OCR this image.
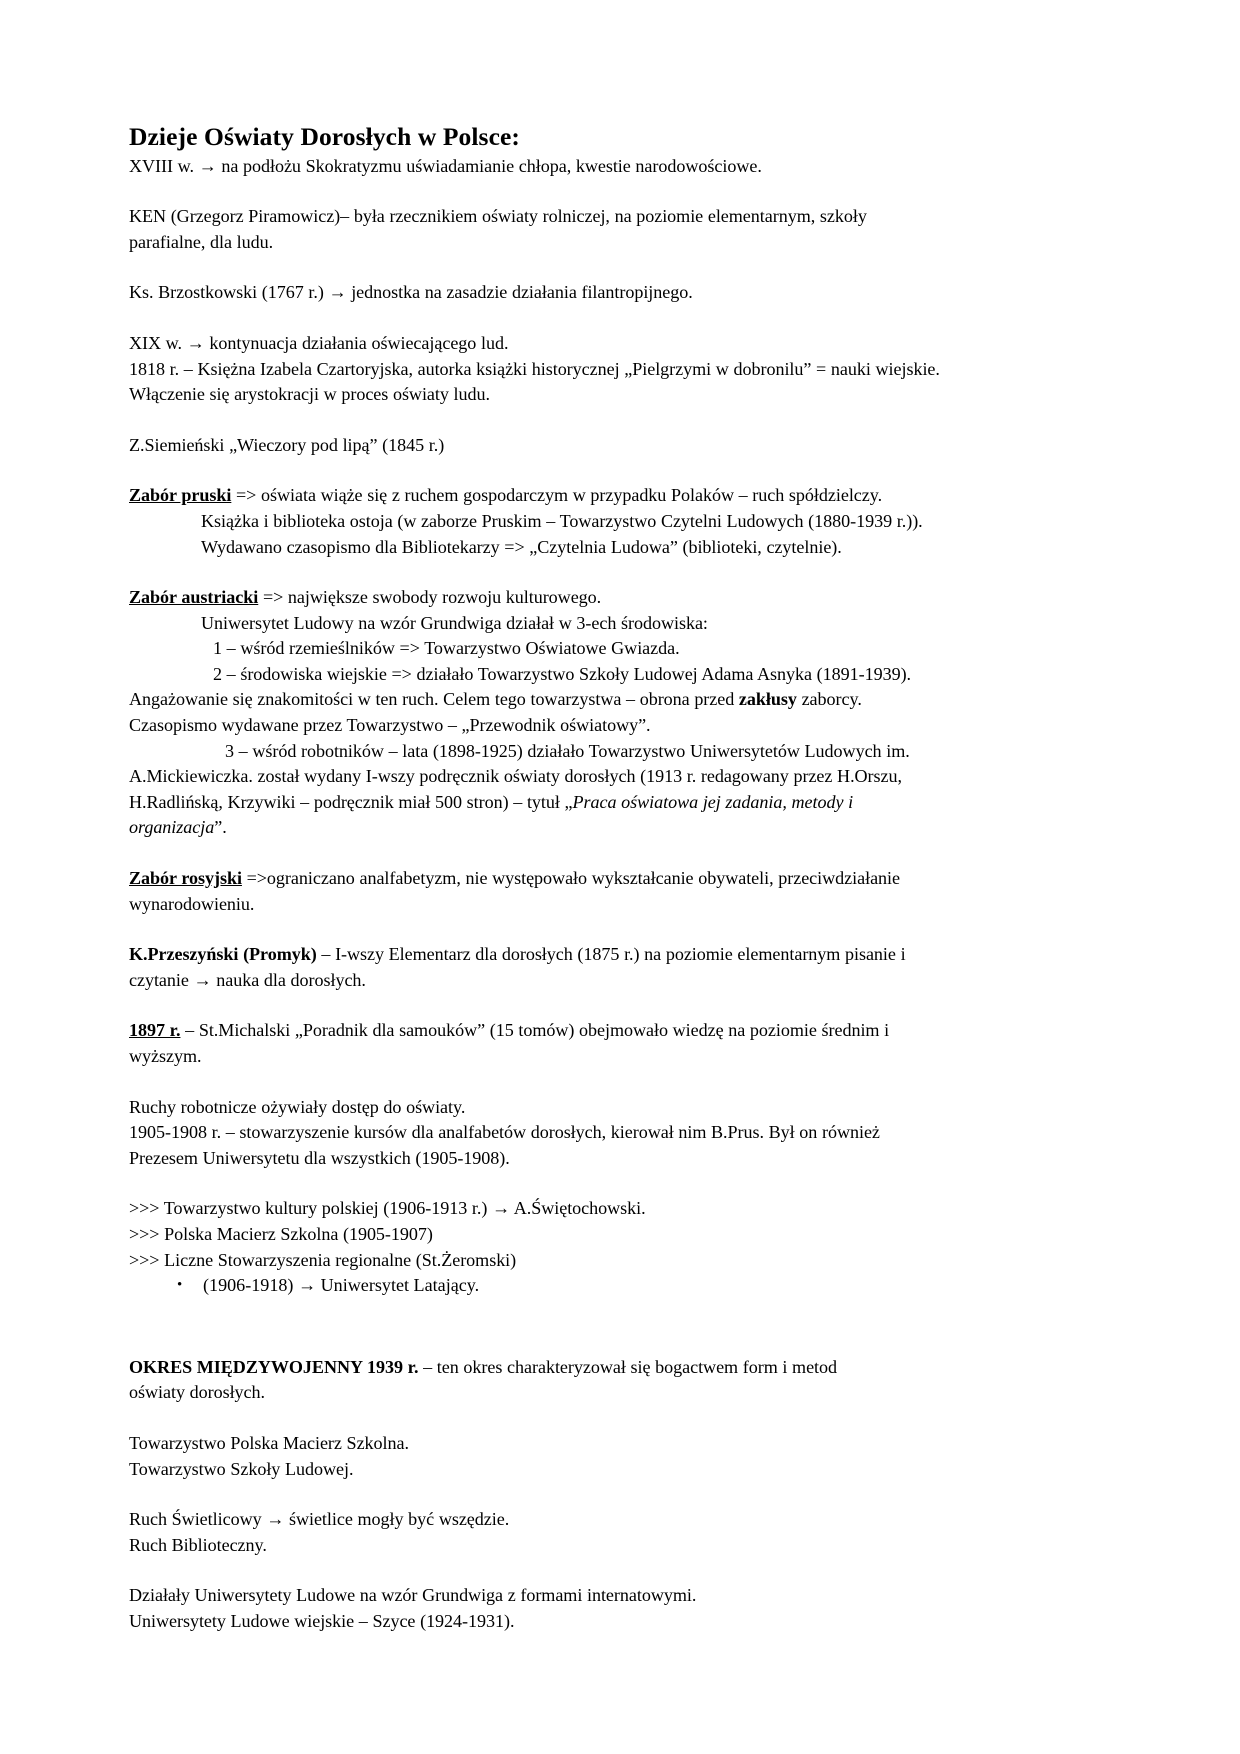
Dzieje Oświaty Dorosłych w Polsce:

XVIII w. → na podłożu Skokratyzmu uświadamianie chłopa, kwestie narodowościowe.

KEN (Grzegorz Piramowicz)– była rzecznikiem oświaty rolniczej, na poziomie elementarnym, szkoły

parafialne, dla ludu.

Ks. Brzostkowski (1767 r.) → jednostka na zasadzie działania filantropijnego.

XIX w. → kontynuacja działania oświecającego lud.

1818 r. – Księżna Izabela Czartoryjska, autorka książki historycznej „Pielgrzymi w dobronilu” = nauki wiejskie.

Włączenie się arystokracji w proces oświaty ludu.

Z.Siemieński „Wieczory pod lipą” (1845 r.)

Zabór pruski => oświata wiąże się z ruchem gospodarczym w przypadku Polaków – ruch spółdzielczy.

Książka i biblioteka ostoja (w zaborze Pruskim – Towarzystwo Czytelni Ludowych (1880-1939 r.)).

Wydawano czasopismo dla Bibliotekarzy => „Czytelnia Ludowa” (biblioteki, czytelnie).

Zabór austriacki => największe swobody rozwoju kulturowego.

Uniwersytet Ludowy na wzór Grundwiga działał w 3-ech środowiska:

1 – wśród rzemieślników => Towarzystwo Oświatowe Gwiazda.

2 – środowiska wiejskie => działało Towarzystwo Szkoły Ludowej Adama Asnyka (1891-1939).

Angażowanie się znakomitości w ten ruch. Celem tego towarzystwa – obrona przed zakłusy zaborcy.

Czasopismo wydawane przez Towarzystwo – „Przewodnik oświatowy”.

3 – wśród robotników – lata (1898-1925) działało Towarzystwo Uniwersytetów Ludowych im.

A.Mickiewiczka. został wydany I-wszy podręcznik oświaty dorosłych (1913 r. redagowany przez H.Orszu,

H.Radlińską, Krzywiki – podręcznik miał 500 stron) – tytuł „Praca oświatowa jej zadania, metody i

organizacja”.

Zabór rosyjski =>ograniczano analfabetyzm, nie występowało wykształcanie obywateli, przeciwdziałanie

wynarodowieniu.

K.Przeszyński (Promyk) – I-wszy Elementarz dla dorosłych (1875 r.) na poziomie elementarnym pisanie i

czytanie → nauka dla dorosłych.

1897 r. – St.Michalski „Poradnik dla samouków” (15 tomów) obejmowało wiedzę na poziomie średnim i

wyższym.

Ruchy robotnicze ożywiały dostęp do oświaty.

1905-1908 r. – stowarzyszenie kursów dla analfabetów dorosłych, kierował nim B.Prus. Był on również

Prezesem Uniwersytetu dla wszystkich (1905-1908).

>>> Towarzystwo kultury polskiej (1906-1913 r.) → A.Świętochowski.

>>> Polska Macierz Szkolna (1905-1907)

>>> Liczne Stowarzyszenia regionalne (St.Żeromski)

•	(1906-1918) → Uniwersytet Latający.

OKRES MIĘDZYWOJENNY 1939 r. – ten okres charakteryzował się bogactwem form i metod

oświaty dorosłych.

Towarzystwo Polska Macierz Szkolna.

Towarzystwo Szkoły Ludowej.

Ruch Świetlicowy → świetlice mogły być wszędzie.

Ruch Biblioteczny.

Działały Uniwersytety Ludowe na wzór Grundwiga z formami internatowymi.

Uniwersytety Ludowe wiejskie – Szyce (1924-1931).
